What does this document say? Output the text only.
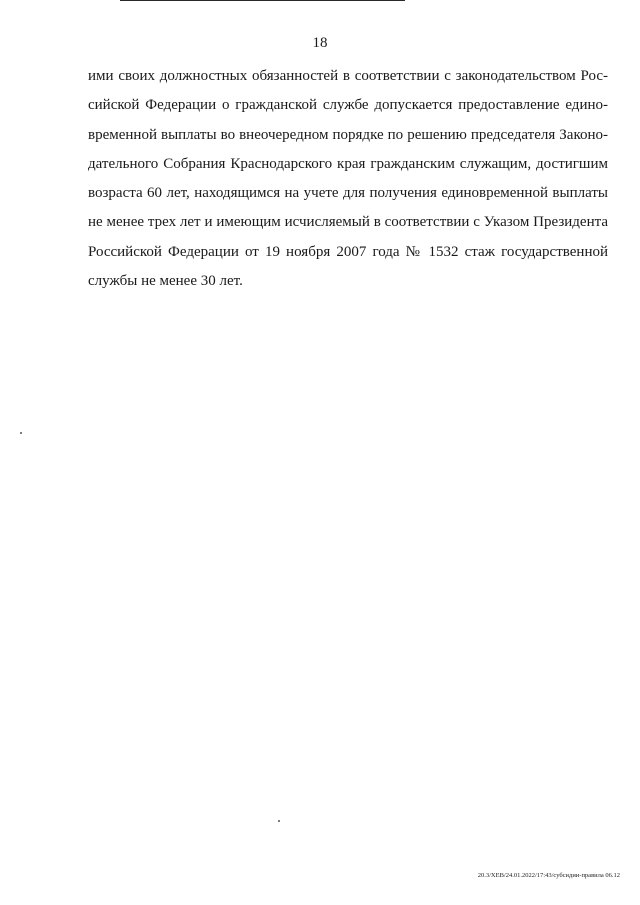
18

ими своих должностных обязанностей в соответствии с законодательством Рос-
сийской Федерации о гражданской службе допускается предоставление едино-
временной выплаты во внеочередном порядке по решению председателя Законо-
дательного Собрания Краснодарского края гражданским служащим, достигшим
возраста 60 лет, находящимся на учете для получения единовременной выплаты
не менее трех лет и имеющим исчисляемый в соответствии с Указом Президента
Российской Федерации от 19 ноября 2007 года № 1532 стаж государственной
службы не менее 30 лет.

20.3/ХЕВ/24.01.2022/17:43/субсидии-правила 06.12
